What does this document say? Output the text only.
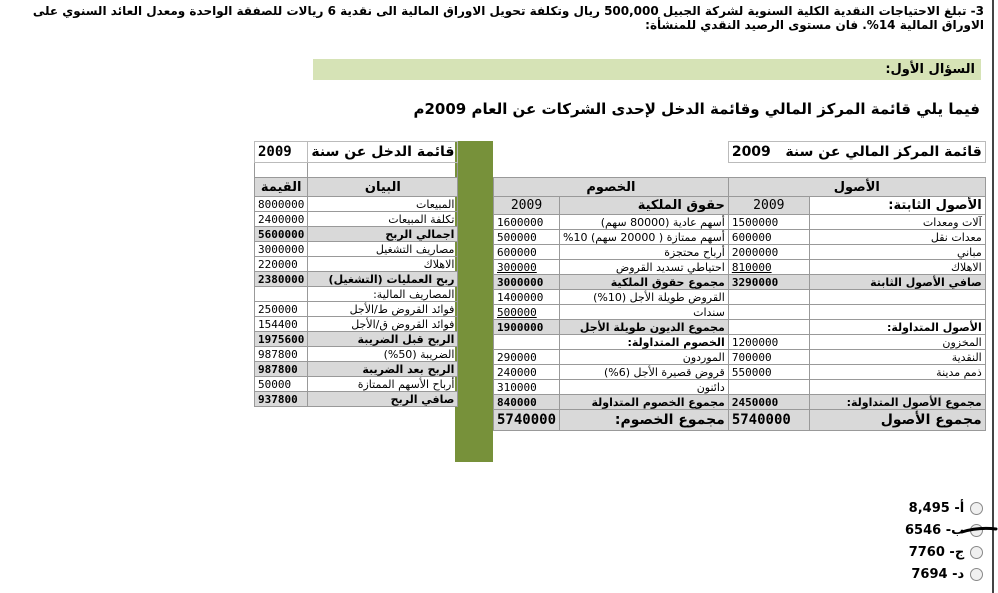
3- تبلغ الاحتياجات النقدية الكلية السنوية لشركة الجبيل 500,000 ريال وتكلفة تحويل الاوراق المالية الى نقدية 6 ريالات للصفقة الواحدة ومعدل العائد السنوي على الاوراق المالية 14%. فان مستوى الرصيد النقدي للمنشأة:
السؤال الأول:
فيما يلي قائمة المركز المالي وقائمة الدخل لإحدى الشركات عن العام 2009م
2009	قائمة الدخل عن سنة

القيمة	البيان
8000000	المبيعات
2400000	تكلفة المبيعات
5600000	اجمالي الربح
3000000	مصاريف التشغيل
220000	الاهلاك
2380000	ربح العمليات (التشغيل)
	المصاريف المالية:
250000	فوائد القروض ط/الأجل
154400	فوائد القروض ق/الأجل
1975600	الربح قبل الضريبة
987800	الضريبة (50%)
987800	الربح بعد الضريبة
50000	أرباح الأسهم الممتازة
937800	صافي الربح
		قائمة المركز المالي عن سنة   2009	

الخصوم		الأصول	
2009	حقوق الملكية	2009	الأصول الثابتة:
1600000	أسهم عادية (80000 سهم)	1500000	آلات ومعدات
500000	أسهم ممتازة ( 20000 سهم) 10%	600000	معدات نقل
600000	أرباح محتجزة	2000000	مباني
300000	احتياطي تسديد القروض	810000	الاهلاك
3000000	مجموع حقوق الملكية	3290000	صافي الأصول الثابتة
1400000	القروض طويلة الأجل (10%)		
500000	سندات		
1900000	مجموع الديون طويلة الأجل		الأصول المتداولة:
	الخصوم المتداولة:	1200000	المخزون
290000	الموردون	700000	النقدية
240000	قروض قصيرة الأجل (6%)	550000	ذمم مدينة
310000	دائنون		
840000	مجموع الخصوم المتداولة	2450000	مجموع الأصول المتداولة:
5740000	مجموع الخصوم:	5740000	مجموع الأصول
أ-

8,495
ب-

6546
ج-

7760
د-

7694
